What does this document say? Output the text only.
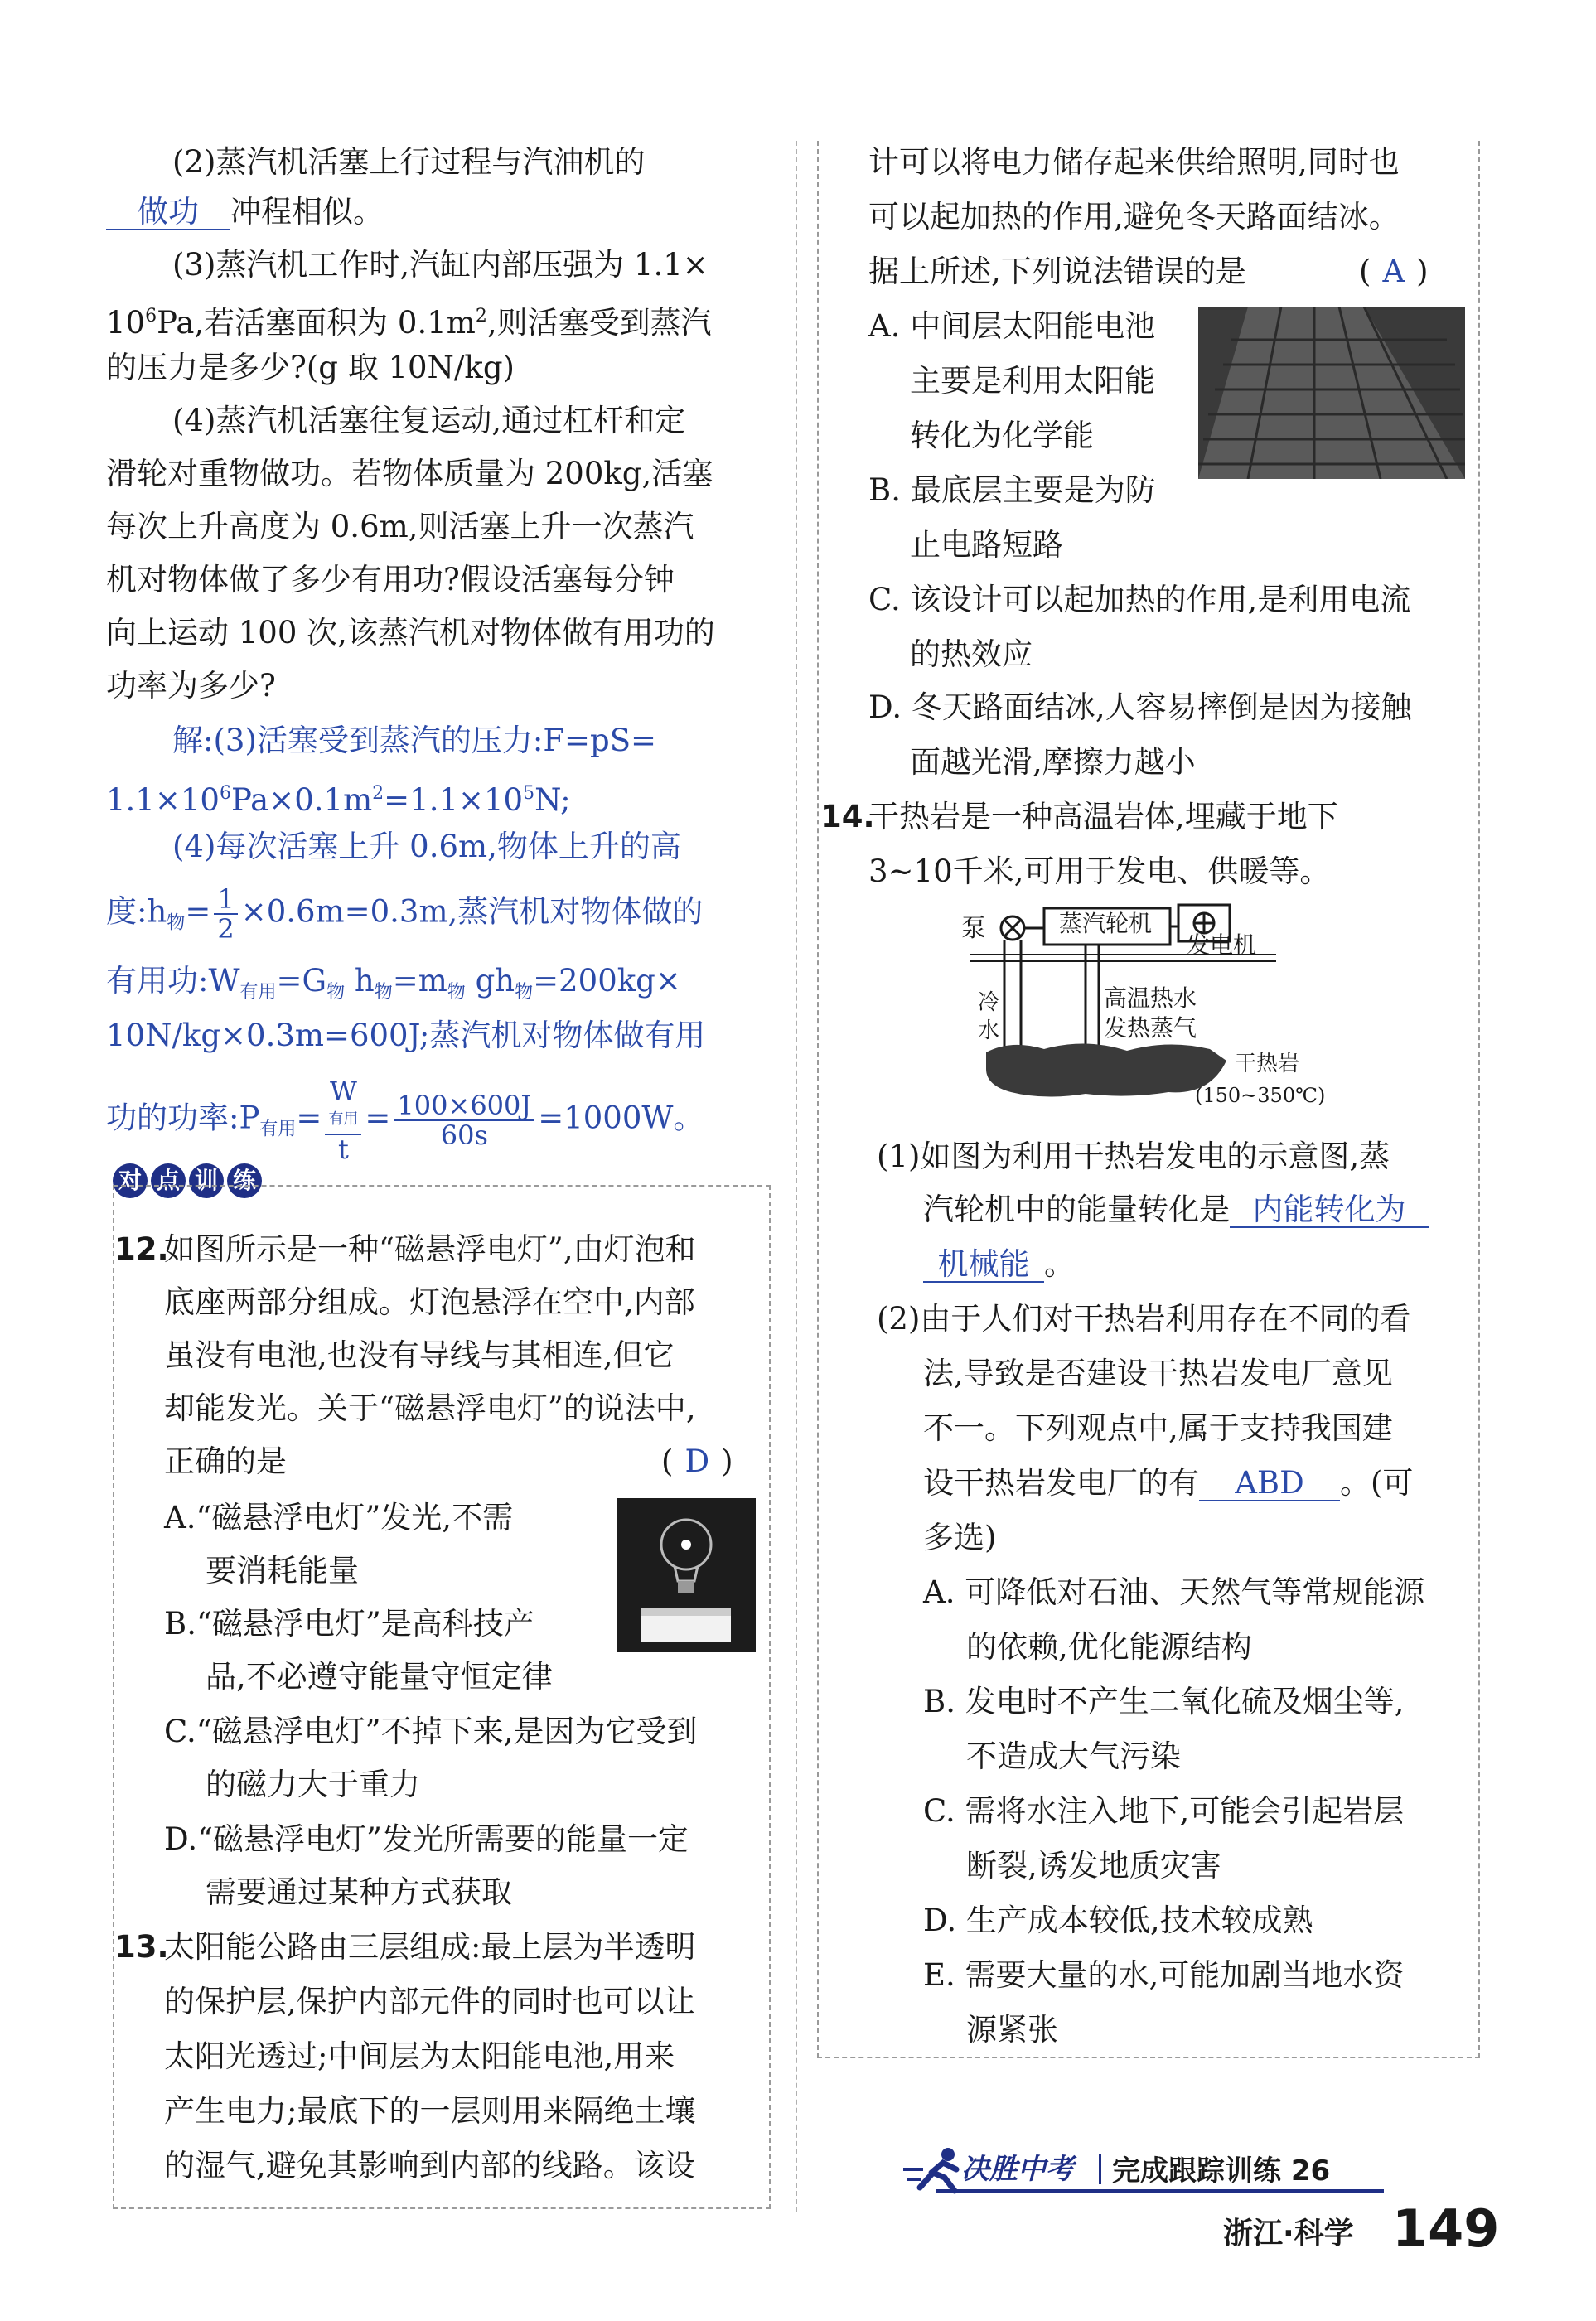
(2)蒸汽机活塞上行过程与汽油机的
做功 冲程相似。
(3)蒸汽机工作时,汽缸内部压强为 1.1×
$10^6Pa$,若活塞面积为 $0.1m^2$,则活塞受到蒸汽
的压力是多少?(g 取 10N/kg)
(4)蒸汽机活塞往复运动,通过杠杆和定
滑轮对重物做功。若物体质量为 200kg,活塞
每次上升高度为 0.6m,则活塞上升一次蒸汽
机对物体做了多少有用功?假设活塞每分钟
向上运动 100 次,该蒸汽机对物体做有用功的
功率为多少?
解:(3)活塞受到蒸汽的压力:F=pS=
$1.1\times 10^6Pa\times 0.1m^2=1.1\times 10^5N$;
(4)每次活塞上升 0.6m,物体上升的高
度$:h_物= \frac{1}{2} \times 0.6m=0.3m$,蒸汽机对物体做的
有用功$:W_{有用}=G_物$ $h_物=m_物$ $gh_物=200kg\times$
10N/kg×0.3m=600J;蒸汽机对物体做有用
功的功率$:P_{有用}= W$
有用
$t = \frac{100\times 600J}{60s} =1000W$。
对 点 训 练
12.
如图所示是一种“磁悬浮电灯”,由灯泡和
底座两部分组成。灯泡悬浮在空中,内部
虽没有电池,也没有导线与其相连,但它
却能发光。关于“磁悬浮电灯”的说法中,
正确的是	( D )
A.“磁悬浮电灯”发光,不需
要消耗能量
B.“磁悬浮电灯”是高科技产
品,不必遵守能量守恒定律
C.“磁悬浮电灯”不掉下来,是因为它受到
的磁力大于重力
D.“磁悬浮电灯”发光所需要的能量一定
需要通过某种方式获取
13.
太阳能公路由三层组成:最上层为半透明
的保护层,保护内部元件的同时也可以让
太阳光透过;中间层为太阳能电池,用来
产生电力;最底下的一层则用来隔绝土壤
的湿气,避免其影响到内部的线路。该设
计可以将电力储存起来供给照明,同时也
可以起加热的作用,避免冬天路面结冰。
据上所述,下列说法错误的是	( A )
A. 中间层太阳能电池
主要是利用太阳能
转化为化学能
B. 最底层主要是为防
止电路短路
C. 该设计可以起加热的作用,是利用电流
的热效应
D. 冬天路面结冰,人容易摔倒是因为接触
面越光滑,摩擦力越小
14.
干热岩是一种高温岩体,埋藏于地下
3~10千米,可用于发电、供暖等。
泵	蒸汽轮机
发电机
冷
水
高温热水
发热蒸气
干热岩
(150~350℃)
(1)如图为利用干热岩发电的示意图,蒸
汽轮机中的能量转化是 内能转化为
机械能 。
(2)由于人们对干热岩利用存在不同的看
法,导致是否建设干热岩发电厂意见
不一。下列观点中,属于支持我国建
设干热岩发电厂的有 ABD 。(可
多选)
A. 可降低对石油、天然气等常规能源
的依赖,优化能源结构
B. 发电时不产生二氧化硫及烟尘等,
不造成大气污染
C. 需将水注入地下,可能会引起岩层
断裂,诱发地质灾害
D. 生产成本较低,技术较成熟
E. 需要大量的水,可能加剧当地水资
源紧张
决胜中考 完成跟踪训练 26
浙江·科学 149
